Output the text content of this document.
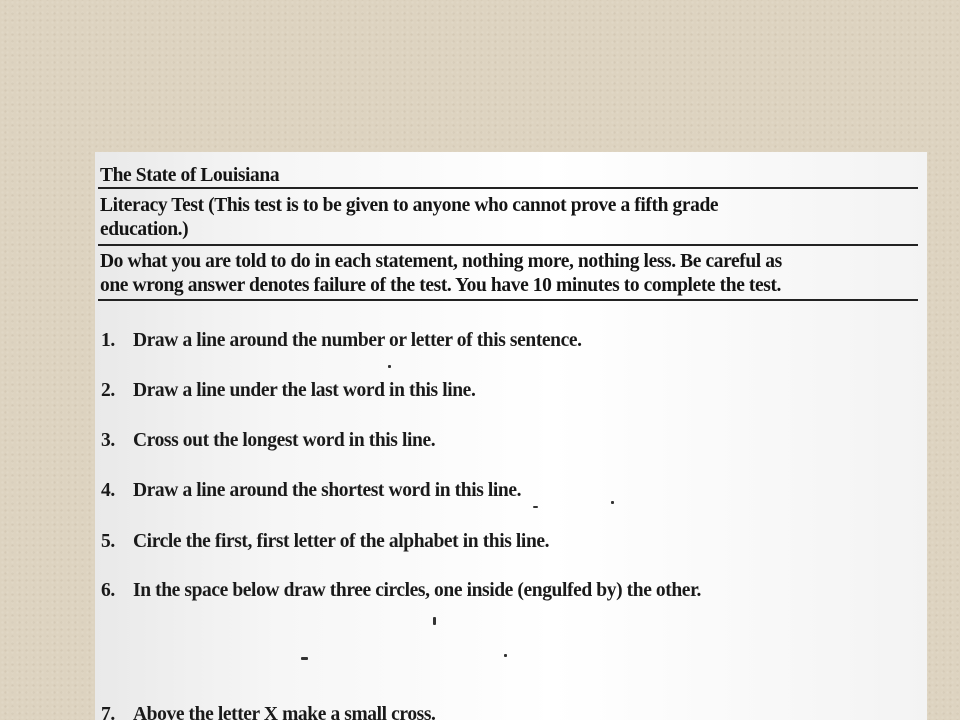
The State of Louisiana
Literacy Test (This test is to be given to anyone who cannot prove a fifth grade
education.)
Do what you are told to do in each statement, nothing more, nothing less. Be careful as
one wrong answer denotes failure of the test. You have 10 minutes to complete the test.
1. Draw a line around the number or letter of this sentence.
2. Draw a line under the last word in this line.
3. Cross out the longest word in this line.
4. Draw a line around the shortest word in this line.
5. Circle the first, first letter of the alphabet in this line.
6. In the space below draw three circles, one inside (engulfed by) the other.
7. Above the letter X make a small cross.
